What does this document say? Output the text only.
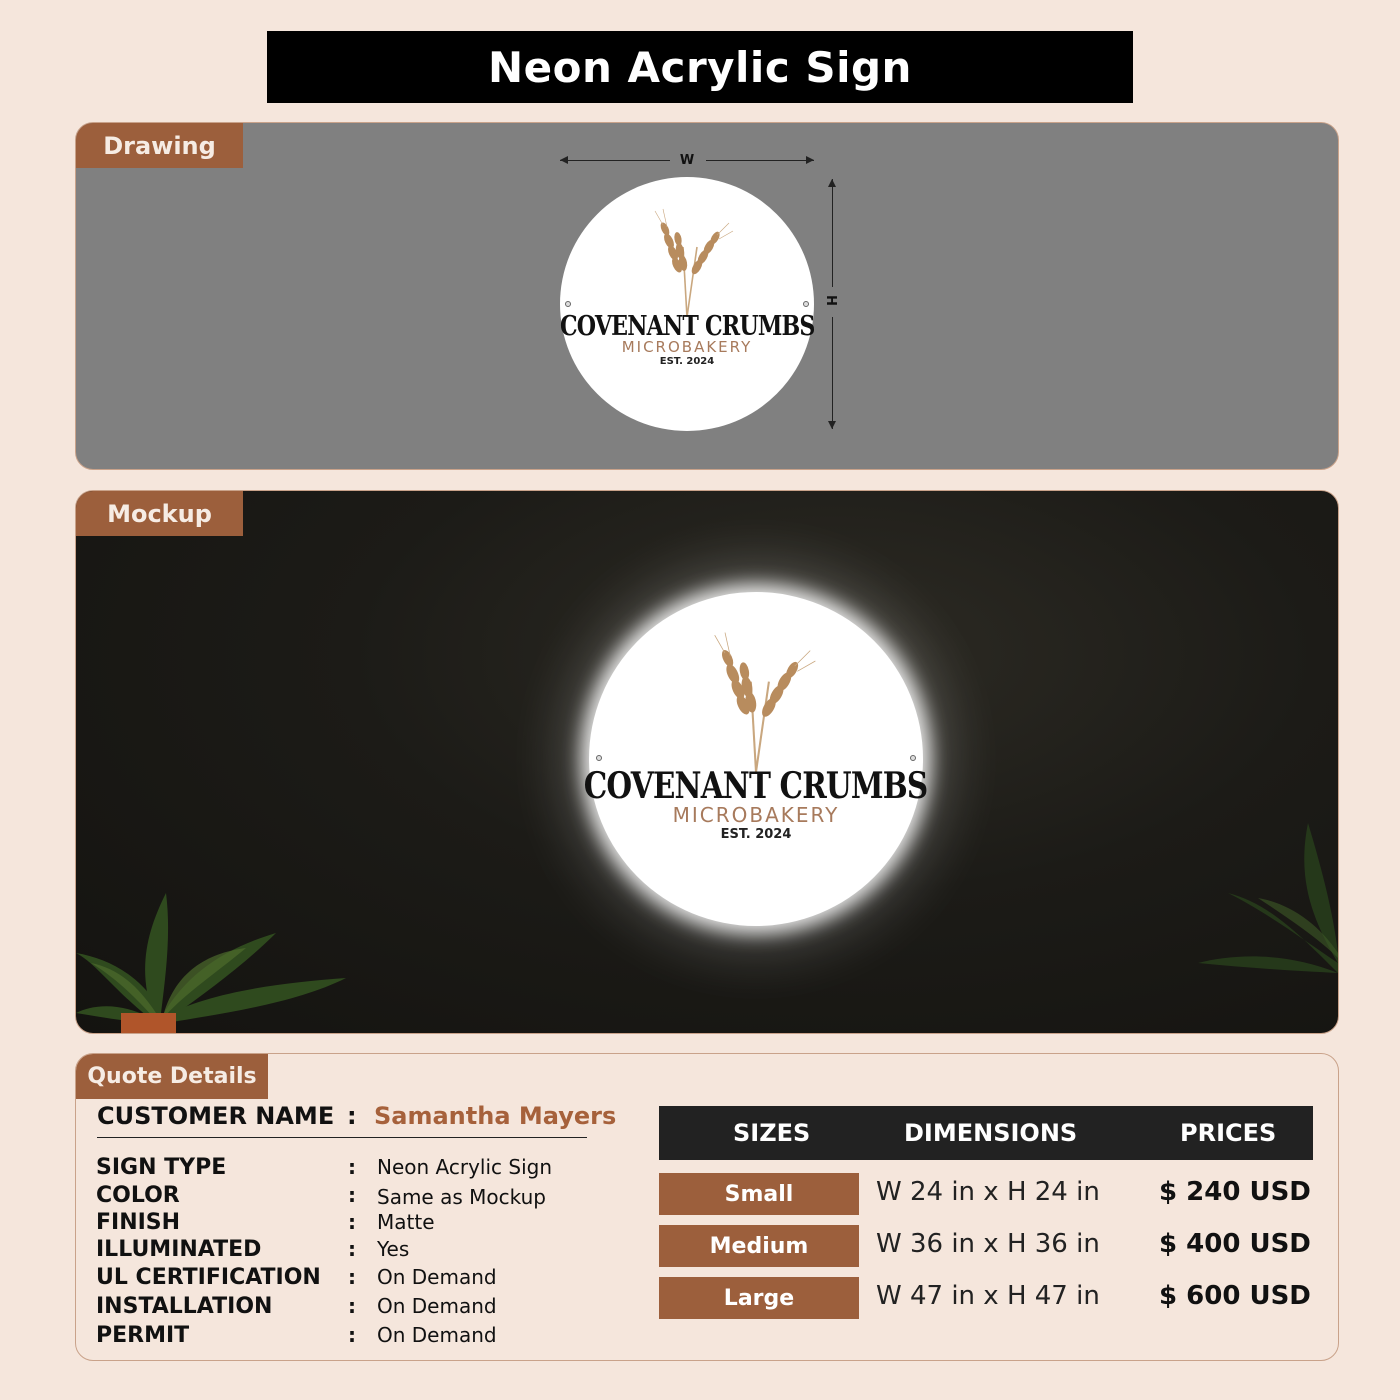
Neon Acrylic Sign
Drawing
W
H
COVENANT CRUMBS
MICROBAKERY
EST. 2024
Mockup
COVENANT CRUMBS
MICROBAKERY
EST. 2024
Quote Details
CUSTOMER NAME : Samantha Mayers
SIGN TYPE	: Neon Acrylic Sign
COLOR	: Same as Mockup
FINISH	: Matte
ILLUMINATED	: Yes
UL CERTIFICATION : On Demand
INSTALLATION	: On Demand
PERMIT	: On Demand
SIZES	DIMENSIONS	PRICES
Small	W 24 in x H 24 in $ 240 USD
Medium	W 36 in x H 36 in $ 400 USD
Large	W 47 in x H 47 in $ 600 USD
